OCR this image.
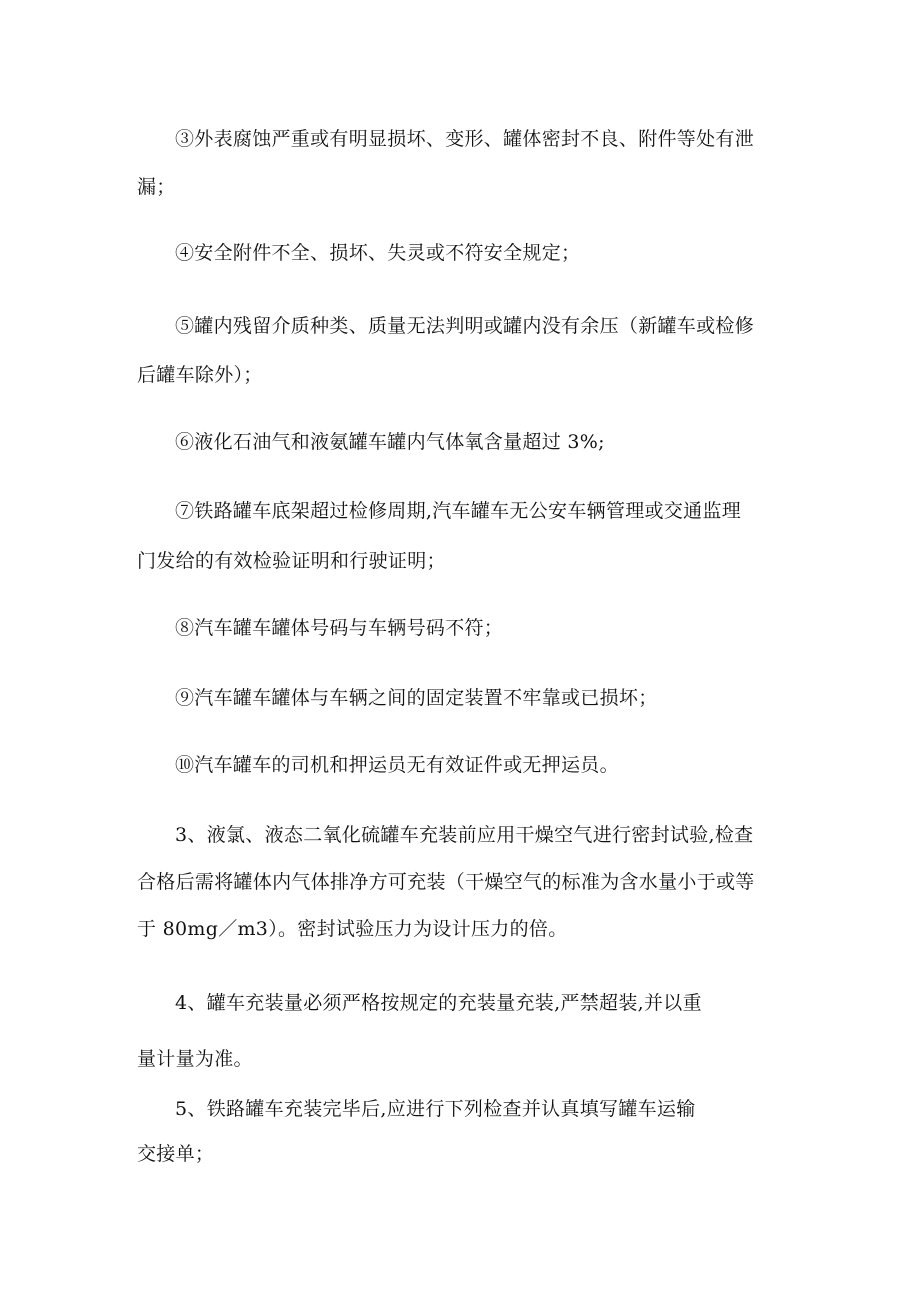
③外表腐蚀严重或有明显损坏、变形、罐体密封不良、附件等处有泄
漏；
④安全附件不全、损坏、失灵或不符安全规定；
⑤罐内残留介质种类、质量无法判明或罐内没有余压（新罐车或检修
后罐车除外）；
⑥液化石油气和液氨罐车罐内气体氧含量超过 3%;
⑦铁路罐车底架超过检修周期,汽车罐车无公安车辆管理或交通监理
门发给的有效检验证明和行驶证明；
⑧汽车罐车罐体号码与车辆号码不符；
⑨汽车罐车罐体与车辆之间的固定装置不牢靠或已损坏；
⑩汽车罐车的司机和押运员无有效证件或无押运员。
3、液氯、液态二氧化硫罐车充装前应用干燥空气进行密封试验,检查
合格后需将罐体内气体排净方可充装（干燥空气的标准为含水量小于或等
于 80mg／m3）。密封试验压力为设计压力的倍。
4、罐车充装量必须严格按规定的充装量充装,严禁超装,并以重
量计量为准。
5、铁路罐车充装完毕后,应进行下列检查并认真填写罐车运输
交接单；
